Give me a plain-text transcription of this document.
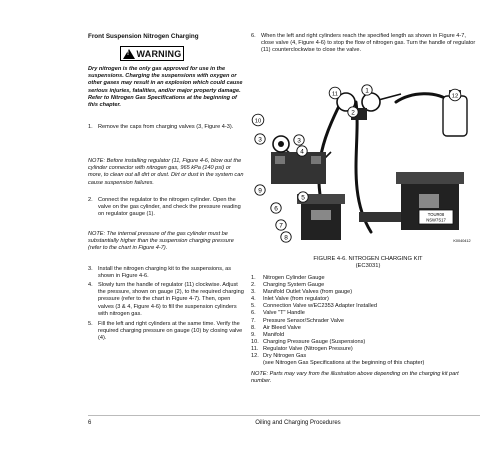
Front Suspension Nitrogen Charging
! WARNING
Dry nitrogen is the only gas approved for use in the suspensions. Charging the suspensions with oxygen or other gases may result in an explosion which could cause serious injuries, fatalities, and/or major property damage. Refer to Nitrogen Gas Specifications at the beginning of this chapter.
1. Remove the caps from charging valves (3, Figure 4-3).
NOTE: Before installing regulator (11, Figure 4-6, blow out the cylinder connector with nitrogen gas, 965 kPa (140 psi) or more, to clean out all dirt or dust. Dirt or dust in the system can cause suspension failures.
2. Connect the regulator to the nitrogen cylinder. Open the valve on the gas cylinder, and check the pressure reading on regulator gauge (1).
NOTE: The internal pressure of the gas cylinder must be substantially higher than the suspension charging pressure (refer to the chart in Figure 4-7).
3. Install the nitrogen charging kit to the suspensions, as shown in Figure 4-6.
4. Slowly turn the handle of regulator (11) clockwise. Adjust the pressure, shown on gauge (2), to the required charging pressure (refer to the chart in Figure 4-7). Then, open valves (3 & 4, Figure 4-6) to fill the suspension cylinders with nitrogen gas.
5. Fill the left and right cylinders at the same time. Verify the required charging pressure on gauge (10) by closing valve (4).
6. When the left and right cylinders reach the specified length as shown in Figure 4-7, close valve (4, Figure 4-6) to stop the flow of nitrogen gas. Turn the handle of regulator (11) counterclockwise to close the valve.
TOUR08
NSW7S17
1
2
3	3
4
5
6
7
8
9
10
11	12
K0040412
FIGURE 4-6. NITROGEN CHARGING KIT
(EC3031)
1.	Nitrogen Cylinder Gauge
2.	Charging System Gauge
3.	Manifold Outlet Valves (from gauge)
4.	Inlet Valve (from regulator)
5.	Connection Valve w/EC2353 Adapter Installed
6.	Valve "T" Handle
7.	Pressure Sensor/Schrader Valve
8.	Air Bleed Valve
9.	Manifold
10. Charging Pressure Gauge (Suspensions)
11. Regulator Valve (Nitrogen Pressure)
12. Dry Nitrogen Gas
(see Nitrogen Gas Specifications at the beginning of this chapter)
NOTE: Parts may vary from the illustration above depending on the charging kit part number.
6	Oiling and Charging Procedures
